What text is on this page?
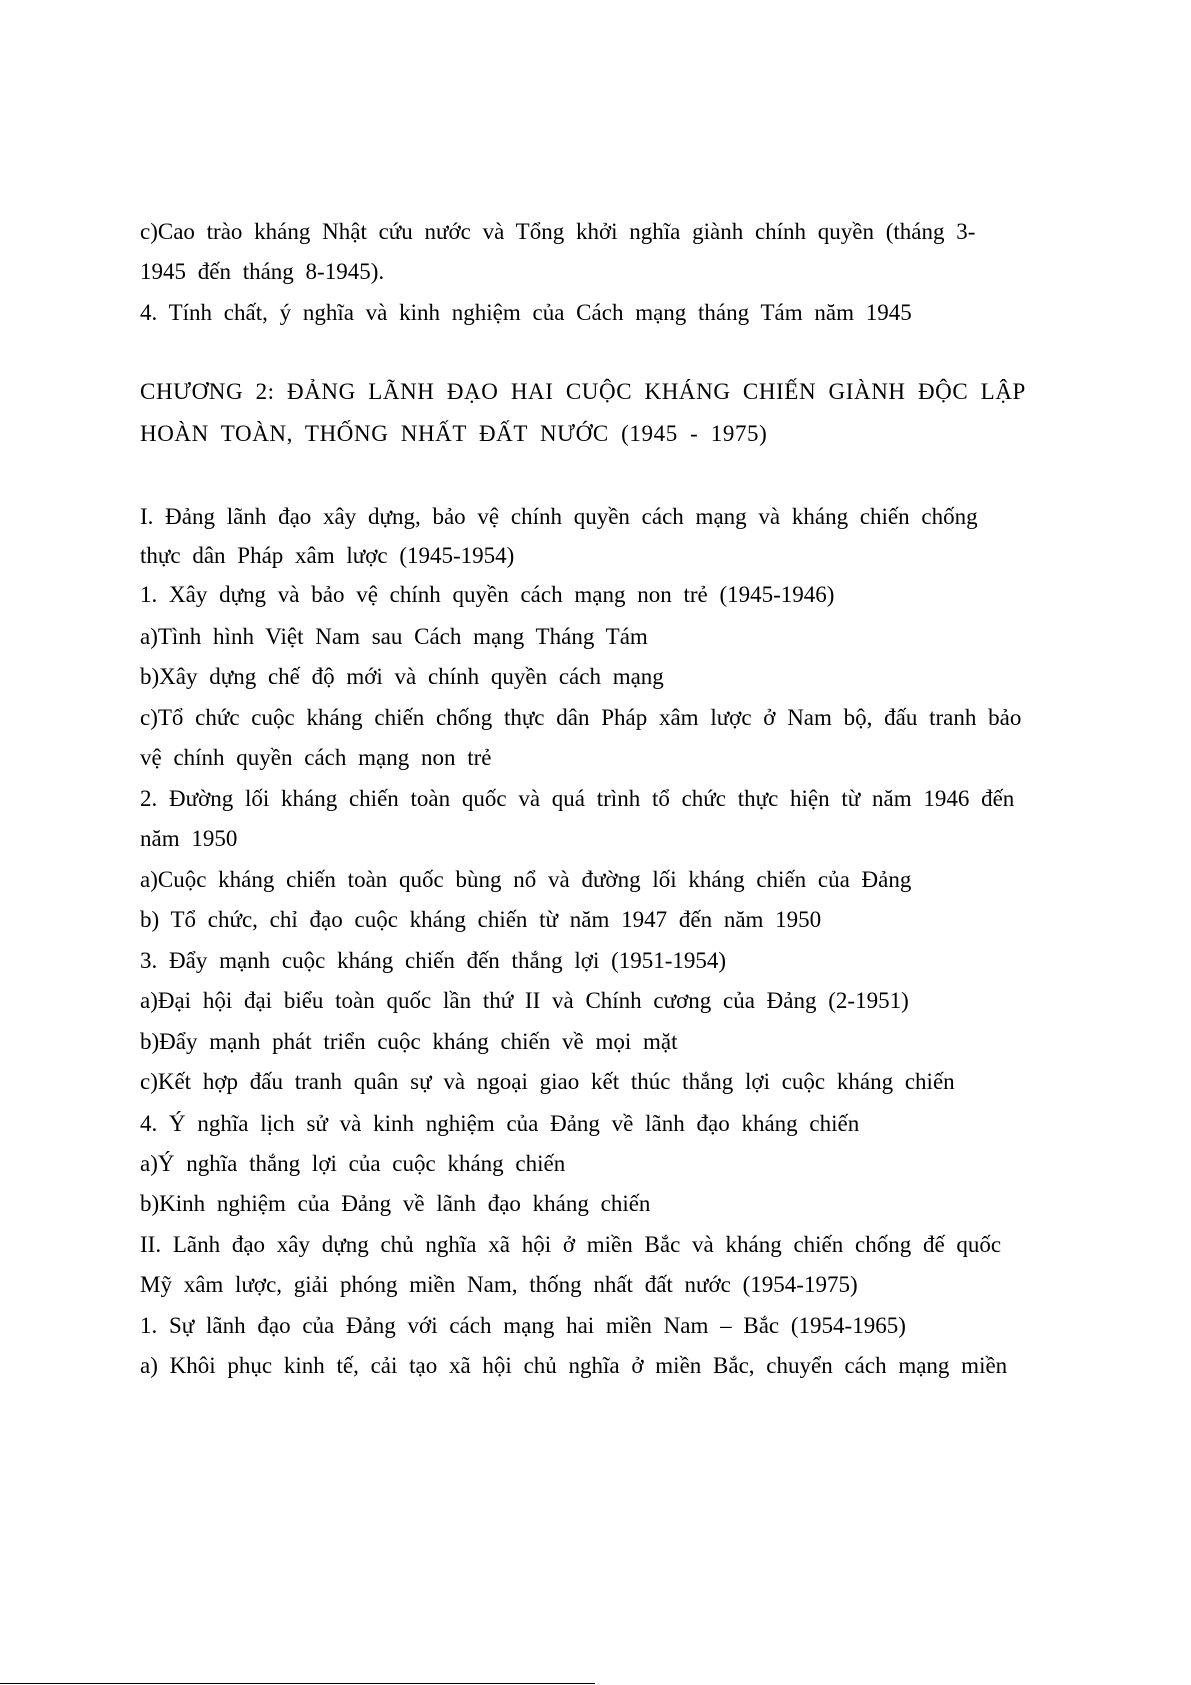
c)Cao trào kháng Nhật cứu nước và Tổng khởi nghĩa giành chính quyền (tháng 3-
1945 đến tháng 8-1945).
4. Tính chất, ý nghĩa và kinh nghiệm của Cách mạng tháng Tám năm 1945
CHƯƠNG 2: ĐẢNG LÃNH ĐẠO HAI CUỘC KHÁNG CHIẾN GIÀNH ĐỘC LẬP
HOÀN TOÀN, THỐNG NHẤT ĐẤT NƯỚC (1945 - 1975)
I. Đảng lãnh đạo xây dựng, bảo vệ chính quyền cách mạng và kháng chiến chống
thực dân Pháp xâm lược (1945-1954)
1. Xây dựng và bảo vệ chính quyền cách mạng non trẻ (1945-1946)
a)Tình hình Việt Nam sau Cách mạng Tháng Tám
b)Xây dựng chế độ mới và chính quyền cách mạng
c)Tổ chức cuộc kháng chiến chống thực dân Pháp xâm lược ở Nam bộ, đấu tranh bảo
vệ chính quyền cách mạng non trẻ
2. Đường lối kháng chiến toàn quốc và quá trình tổ chức thực hiện từ năm 1946 đến
năm 1950
a)Cuộc kháng chiến toàn quốc bùng nổ và đường lối kháng chiến của Đảng
b) Tổ chức, chỉ đạo cuộc kháng chiến từ năm 1947 đến năm 1950
3. Đẩy mạnh cuộc kháng chiến đến thắng lợi (1951-1954)
a)Đại hội đại biểu toàn quốc lần thứ II và Chính cương của Đảng (2-1951)
b)Đẩy mạnh phát triển cuộc kháng chiến về mọi mặt
c)Kết hợp đấu tranh quân sự và ngoại giao kết thúc thắng lợi cuộc kháng chiến
4. Ý nghĩa lịch sử và kinh nghiệm của Đảng về lãnh đạo kháng chiến
a)Ý nghĩa thắng lợi của cuộc kháng chiến
b)Kinh nghiệm của Đảng về lãnh đạo kháng chiến
II. Lãnh đạo xây dựng chủ nghĩa xã hội ở miền Bắc và kháng chiến chống đế quốc
Mỹ xâm lược, giải phóng miền Nam, thống nhất đất nước (1954-1975)
1. Sự lãnh đạo của Đảng với cách mạng hai miền Nam – Bắc (1954-1965)
a) Khôi phục kinh tế, cải tạo xã hội chủ nghĩa ở miền Bắc, chuyển cách mạng miền
